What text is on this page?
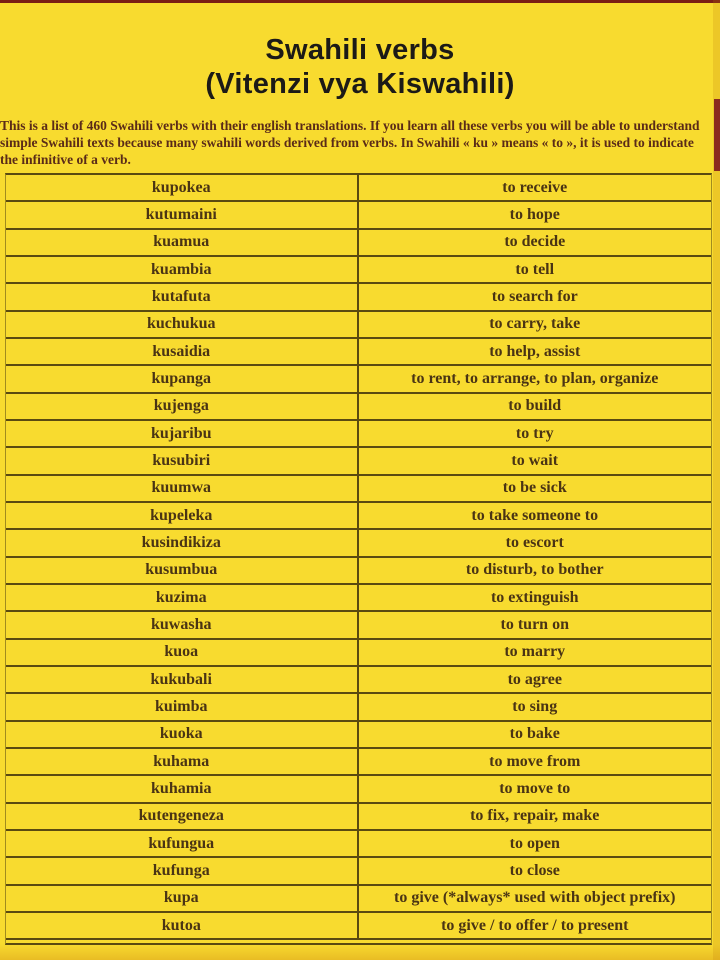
Swahili verbs
(Vitenzi vya Kiswahili)

This is a list of 460 Swahili verbs with their english translations. If you learn all these verbs you will be able to understand
simple Swahili texts because many swahili words derived from verbs. In Swahili « ku » means « to », it is used to indicate
the infinitive of a verb.

kupokea	to receive
kutumaini	to hope
kuamua	to decide
kuambia	to tell
kutafuta	to search for
kuchukua	to carry, take
kusaidia	to help, assist
kupanga	to rent, to arrange, to plan, organize
kujenga	to build
kujaribu	to try
kusubiri	to wait
kuumwa	to be sick
kupeleka	to take someone to
kusindikiza	to escort
kusumbua	to disturb, to bother
kuzima	to extinguish
kuwasha	to turn on
kuoa	to marry
kukubali	to agree
kuimba	to sing
kuoka	to bake
kuhama	to move from
kuhamia	to move to
kutengeneza	to fix, repair, make
kufungua	to open
kufunga	to close
kupa	to give (*always* used with object prefix)
kutoa	to give / to offer / to present
